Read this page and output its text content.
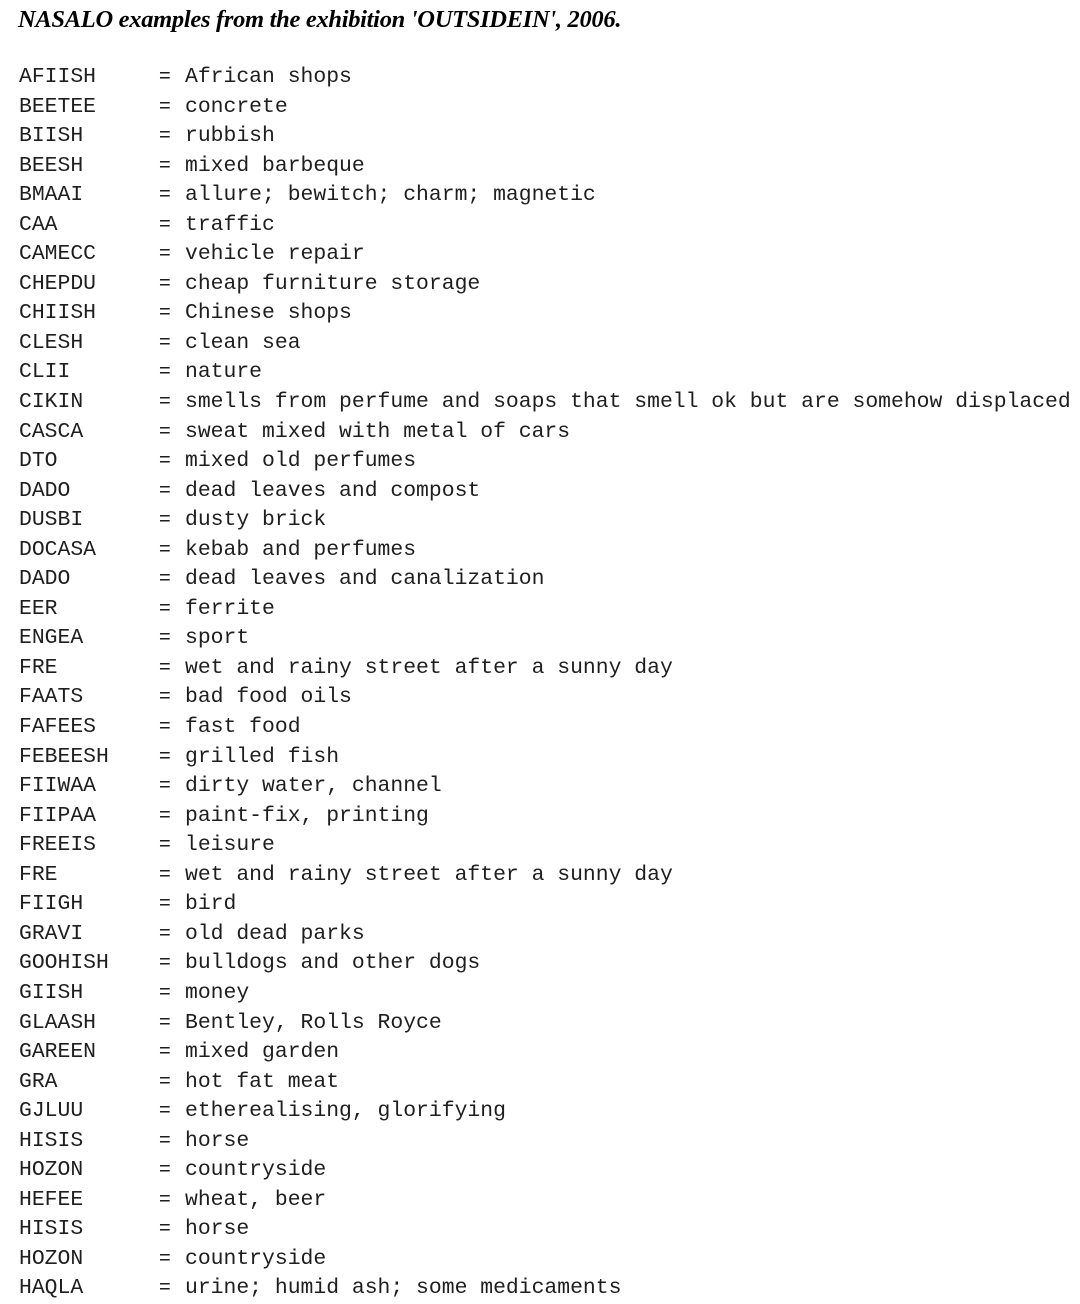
NASALO examples from the exhibition 'OUTSIDEIN', 2006.
AFIISH	= African shops
BEETEE	= concrete
BIISH	= rubbish
BEESH	= mixed barbeque
BMAAI	= allure; bewitch; charm; magnetic
CAA	= traffic
CAMECC	= vehicle repair
CHEPDU	= cheap furniture storage
CHIISH	= Chinese shops
CLESH	= clean sea
CLII	= nature
CIKIN	= smells from perfume and soaps that smell ok but are somehow displaced
CASCA	= sweat mixed with metal of cars
DTO	= mixed old perfumes
DADO	= dead leaves and compost
DUSBI	= dusty brick
DOCASA	= kebab and perfumes
DADO	= dead leaves and canalization
EER	= ferrite
ENGEA	= sport
FRE	= wet and rainy street after a sunny day
FAATS	= bad food oils
FAFEES	= fast food
FEBEESH	= grilled fish
FIIWAA	= dirty water, channel
FIIPAA	= paint-fix, printing
FREEIS	= leisure
FRE	= wet and rainy street after a sunny day
FIIGH	= bird
GRAVI	= old dead parks
GOOHISH	= bulldogs and other dogs
GIISH	= money
GLAASH	= Bentley, Rolls Royce
GAREEN	= mixed garden
GRA	= hot fat meat
GJLUU	= etherealising, glorifying
HISIS	= horse
HOZON	= countryside
HEFEE	= wheat, beer
HISIS	= horse
HOZON	= countryside
HAQLA	= urine; humid ash; some medicaments
